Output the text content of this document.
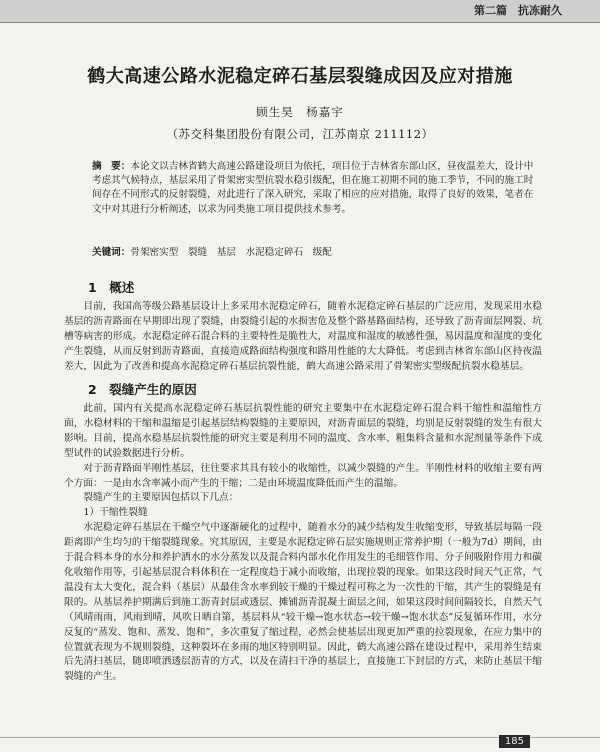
第二篇　抗冻耐久
鹤大高速公路水泥稳定碎石基层裂缝成因及应对措施
顾生昊　杨嘉宇
（苏交科集团股份有限公司，江苏南京 211112）
摘　要：本论文以吉林省鹤大高速公路建设项目为依托，项目位于吉林省东部山区，昼夜温差大，设计中考虑其气候特点，基层采用了骨架密实型抗裂水稳引级配，但在施工初期不同的施工季节，不同的施工时间存在不同形式的反射裂缝，对此进行了深入研究，采取了相应的应对措施，取得了良好的效果，笔者在文中对其进行分析阐述，以求为同类施工项目提供技术参考。
关键词：骨架密实型　裂缝　基层　水泥稳定碎石　级配
1　概述

目前，我国高等级公路基层设计上多采用水泥稳定碎石，随着水泥稳定碎石基层的广泛应用，发现采用水稳基层的沥青路面在早期即出现了裂缝，由裂缝引起的水损害危及整个路基路面结构，还导致了沥青面层网裂、坑槽等病害的形成。水泥稳定碎石混合料的主要特性是脆性大，对温度和湿度的敏感性强，易因温度和湿度的变化产生裂缝，从而反射到沥青路面，直接造成路面结构强度和路用性能的大大降低。考虑到吉林省东部山区持夜温差大，因此为了改善和提高水泥稳定碎石基层抗裂性能，鹤大高速公路采用了骨架密实型级配抗裂水稳基层。

2　裂缝产生的原因

此前，国内有关提高水泥稳定碎石基层抗裂性能的研究主要集中在水泥稳定碎石混合料干缩性和温缩性方面，水稳材料的干缩和温缩是引起基层结构裂缝的主要原因，对沥青面层的裂缝，均别是反射裂缝的发生有很大影响。目前，提高水稳基层抗裂性能的研究主要是利用不同的温度、含水率、粗集料含量和水泥剂量等条件下成型试件的试验数据进行分析。

对于沥青路面半刚性基层，往往要求其具有较小的收缩性，以减少裂缝的产生。半刚性材料的收缩主要有两个方面：一是由水含率减小而产生的干缩；二是由环境温度降低而产生的温缩。

裂缝产生的主要原因包括以下几点：

1）干缩性裂缝

水泥稳定碎石基层在干燥空气中逐渐硬化的过程中，随着水分的减少结构发生收缩变形，导致基层每隔一段距离即产生均匀的干缩裂缝现象。究其原因，主要是水泥稳定碎石层实施规则正常养护期（一般为7d）期间，由于混合料本身的水分和养护洒水的水分蒸发以及混合料内部水化作用发生的毛细管作用、分子间吸附作用力和碳化收缩作用等，引起基层混合料体积在一定程度趋于减小而收缩，出现拉裂的现象。如果这段时间天气正常，气温没有太大变化，混合料（基层）从最佳含水率到较干燥的干燥过程可称之为一次性的干缩，其产生的裂缝是有限的。从基层养护期满后到施工沥青封层或透层、摊铺沥青混凝土面层之间，如果这段时间间隔较长，自然天气（风晴雨雨，风雨到晴，风吹日晒自第，基层料从“较干燥→饱水状态→较干燥→饱水状态”反复循环作用，水分反复的“蒸发、饱和、蒸发、饱和”，多次重复了缩过程，必然会使基层出现更加严重的拉裂现象，在应力集中的位置就表现为不规则裂缝，这种裂坏在多雨的地区特别明显。因此，鹤大高速公路在建设过程中，采用养生结束后先清扫基层，随即喷洒透层沥青的方式，以及在清扫干净的基层上，直接施工下封层的方式，来防止基层干缩裂缝的产生。

185
